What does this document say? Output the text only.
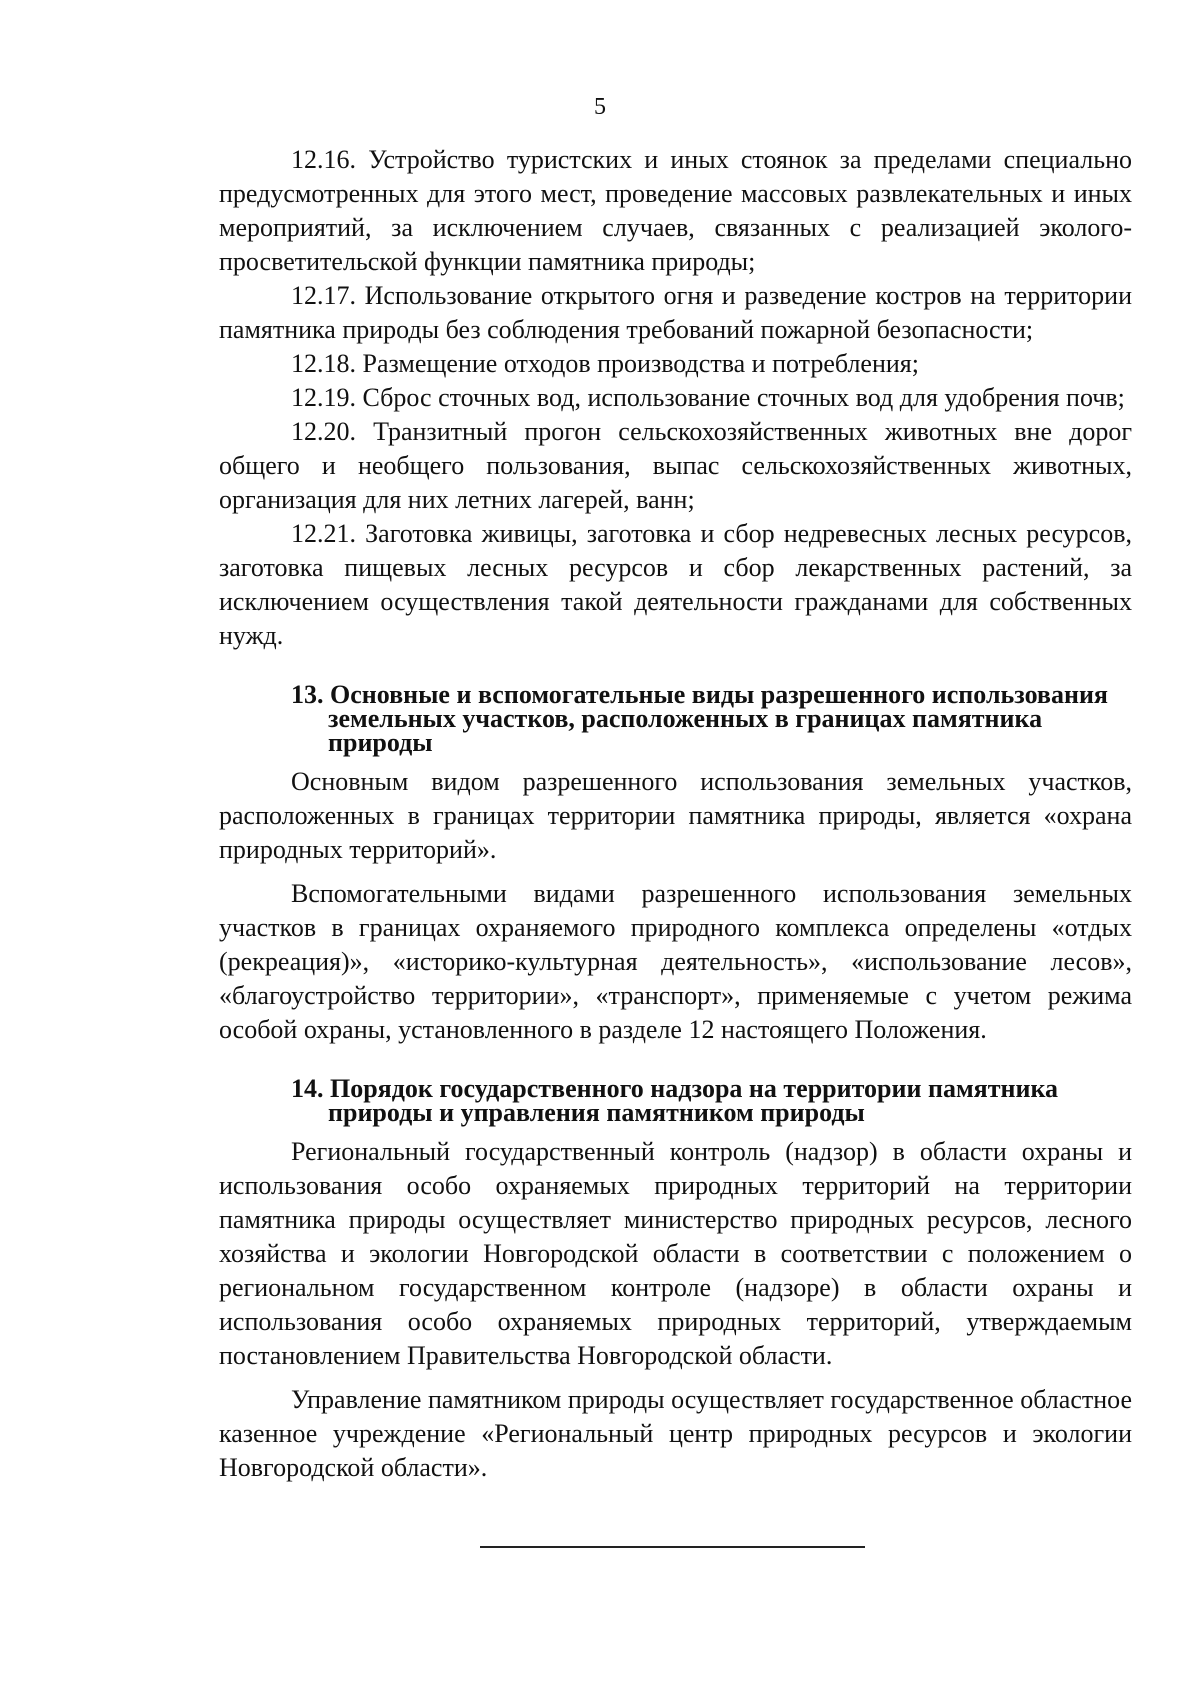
5

12.16. Устройство туристских и иных стоянок за пределами специально предусмотренных для этого мест, проведение массовых развлекательных и иных мероприятий, за исключением случаев, связанных с реализацией эколого-просветительской функции памятника природы;

12.17. Использование открытого огня и разведение костров на территории памятника природы без соблюдения требований пожарной безопасности;

12.18. Размещение отходов производства и потребления;

12.19. Сброс сточных вод, использование сточных вод для удобрения почв;

12.20. Транзитный прогон сельскохозяйственных животных вне дорог общего и необщего пользования, выпас сельскохозяйственных животных, организация для них летних лагерей, ванн;

12.21. Заготовка живицы, заготовка и сбор недревесных лесных ресурсов, заготовка пищевых лесных ресурсов и сбор лекарственных растений, за исключением осуществления такой деятельности гражданами для собственных нужд.

13. Основные и вспомогательные виды разрешенного использования земельных участков, расположенных в границах памятника природы

Основным видом разрешенного использования земельных участков, расположенных в границах территории памятника природы, является «охрана природных территорий».

Вспомогательными видами разрешенного использования земельных участков в границах охраняемого природного комплекса определены «отдых (рекреация)», «историко-культурная деятельность», «использование лесов», «благоустройство территории», «транспорт», применяемые с учетом режима особой охраны, установленного в разделе 12 настоящего Положения.

14. Порядок государственного надзора на территории памятника природы и управления памятником природы

Региональный государственный контроль (надзор) в области охраны и использования особо охраняемых природных территорий на территории памятника природы осуществляет министерство природных ресурсов, лесного хозяйства и экологии Новгородской области в соответствии с положением о региональном государственном контроле (надзоре) в области охраны и использования особо охраняемых природных территорий, утверждаемым постановлением Правительства Новгородской области.

Управление памятником природы осуществляет государственное областное казенное учреждение «Региональный центр природных ресурсов и экологии Новгородской области».
